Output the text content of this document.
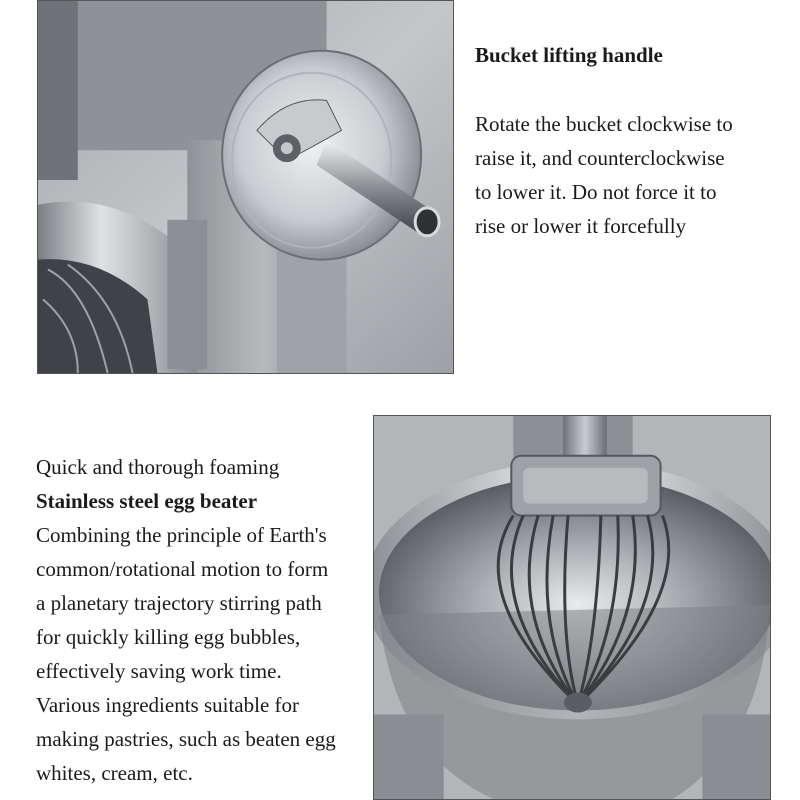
Bucket lifting handle
Rotate the bucket clockwise to
raise it, and counterclockwise
to lower it. Do not force it to
rise or lower it forcefully
Quick and thorough foaming
Stainless steel egg beater
Combining the principle of Earth's
common/rotational motion to form
a planetary trajectory stirring path
for quickly killing egg bubbles,
effectively saving work time.
Various ingredients suitable for
making pastries, such as beaten egg
whites, cream, etc.
